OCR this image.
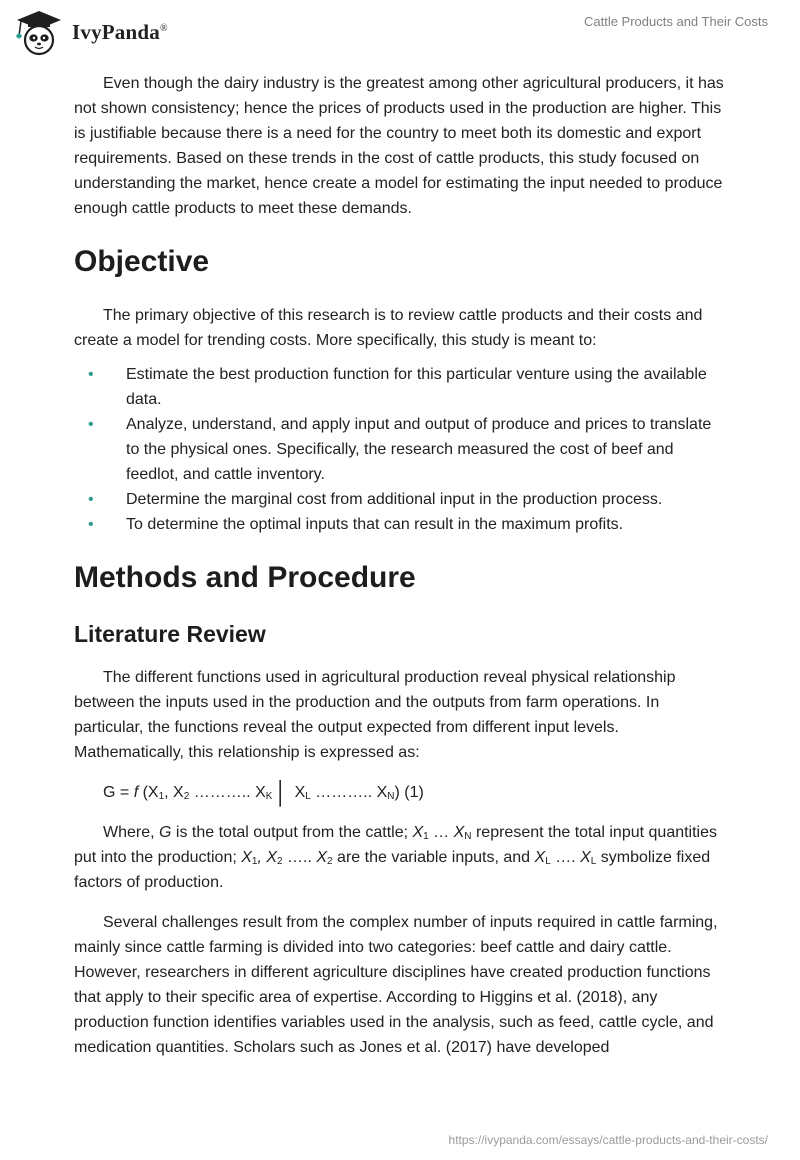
IvyPanda®	Cattle Products and Their Costs

Even though the dairy industry is the greatest among other agricultural producers, it has not shown consistency; hence the prices of products used in the production are higher. This is justifiable because there is a need for the country to meet both its domestic and export requirements. Based on these trends in the cost of cattle products, this study focused on understanding the market, hence create a model for estimating the input needed to produce enough cattle products to meet these demands.

Objective

The primary objective of this research is to review cattle products and their costs and create a model for trending costs. More specifically, this study is meant to:

• Estimate the best production function for this particular venture using the available data.
• Analyze, understand, and apply input and output of produce and prices to translate to the physical ones. Specifically, the research measured the cost of beef and feedlot, and cattle inventory.
• Determine the marginal cost from additional input in the production process.
• To determine the optimal inputs that can result in the maximum profits.
Methods and Procedure
Literature Review

The different functions used in agricultural production reveal physical relationship between the inputs used in the production and the outputs from farm operations. In particular, the functions reveal the output expected from different input levels. Mathematically, this relationship is expressed as:

G = f ($X_1$, $X_2$ ……….. $X_K│$ $X_L$ ……….. $X_N$) (1)

Where, G is the total output from the cattle; $X_1$ … $X_N$ represent the total input quantities put into the production; $X_1$, $X_2$ ….. $X_2$ are the variable inputs, and $X_L$ …. $X_L$ symbolize fixed factors of production.

Several challenges result from the complex number of inputs required in cattle farming, mainly since cattle farming is divided into two categories: beef cattle and dairy cattle. However, researchers in different agriculture disciplines have created production functions that apply to their specific area of expertise. According to Higgins et al. (2018), any production function identifies variables used in the analysis, such as feed, cattle cycle, and medication quantities. Scholars such as Jones et al. (2017) have developed

https://ivypanda.com/essays/cattle-products-and-their-costs/
